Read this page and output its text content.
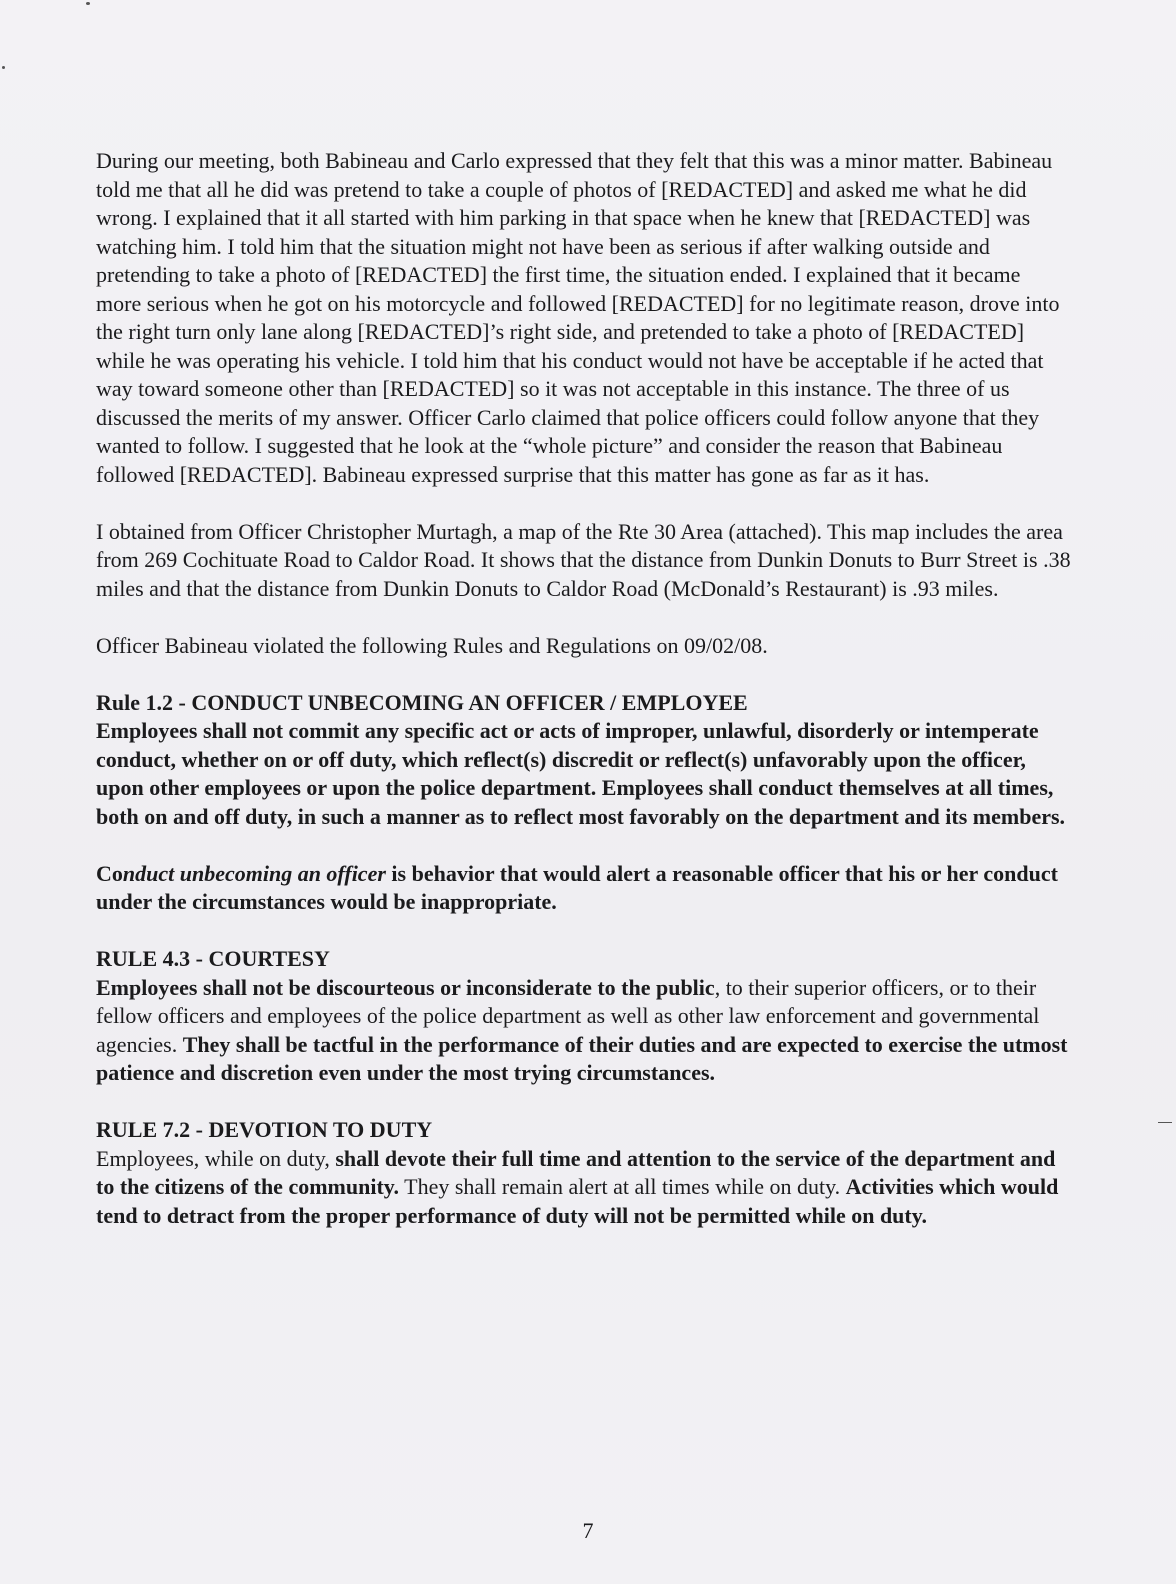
During our meeting, both Babineau and Carlo expressed that they felt that this was a minor matter. Babineau told me that all he did was pretend to take a couple of photos of [REDACTED] and asked me what he did wrong. I explained that it all started with him parking in that space when he knew that [REDACTED] was watching him. I told him that the situation might not have been as serious if after walking outside and pretending to take a photo of [REDACTED] the first time, the situation ended. I explained that it became more serious when he got on his motorcycle and followed [REDACTED] for no legitimate reason, drove into the right turn only lane along [REDACTED]’s right side, and pretended to take a photo of [REDACTED] while he was operating his vehicle. I told him that his conduct would not have be acceptable if he acted that way toward someone other than [REDACTED] so it was not acceptable in this instance. The three of us discussed the merits of my answer. Officer Carlo claimed that police officers could follow anyone that they wanted to follow. I suggested that he look at the “whole picture” and consider the reason that Babineau followed [REDACTED]. Babineau expressed surprise that this matter has gone as far as it has.

I obtained from Officer Christopher Murtagh, a map of the Rte 30 Area (attached). This map includes the area from 269 Cochituate Road to Caldor Road. It shows that the distance from Dunkin Donuts to Burr Street is .38 miles and that the distance from Dunkin Donuts to Caldor Road (McDonald’s Restaurant) is .93 miles.

Officer Babineau violated the following Rules and Regulations on 09/02/08.

Rule 1.2 - CONDUCT UNBECOMING AN OFFICER / EMPLOYEE

Employees shall not commit any specific act or acts of improper, unlawful, disorderly or intemperate conduct, whether on or off duty, which reflect(s) discredit or reflect(s) unfavorably upon the officer, upon other employees or upon the police department. Employees shall conduct themselves at all times, both on and off duty, in such a manner as to reflect most favorably on the department and its members.

Conduct unbecoming an officer is behavior that would alert a reasonable officer that his or her conduct under the circumstances would be inappropriate.

RULE 4.3 - COURTESY

Employees shall not be discourteous or inconsiderate to the public, to their superior officers, or to their fellow officers and employees of the police department as well as other law enforcement and governmental agencies. They shall be tactful in the performance of their duties and are expected to exercise the utmost patience and discretion even under the most trying circumstances.

RULE 7.2 - DEVOTION TO DUTY

Employees, while on duty, shall devote their full time and attention to the service of the department and to the citizens of the community. They shall remain alert at all times while on duty. Activities which would tend to detract from the proper performance of duty will not be permitted while on duty.

7
